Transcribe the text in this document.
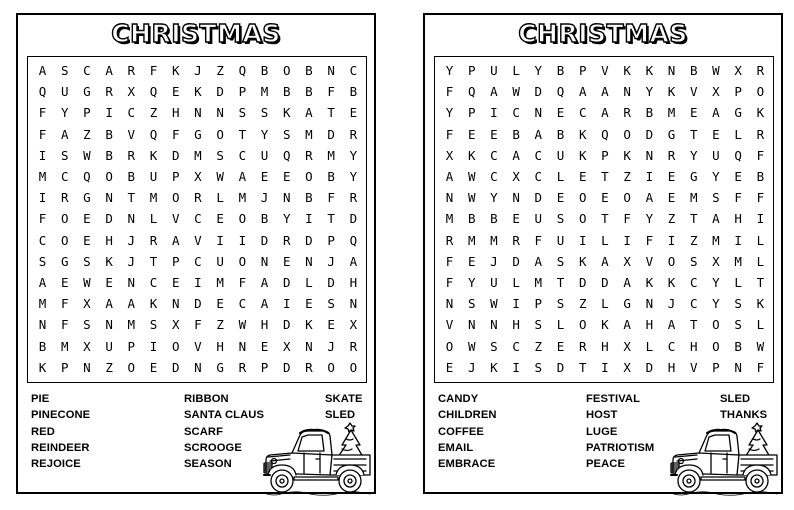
CHRISTMAS
A	S	C	A	R	F	K	J	Z	Q	B	O	B	N	C
Q	U	G	R	X	Q	E	K	D	P	M	B	B	F	B
F	Y	P	I	C	Z	H	N	N	S	S	K	A	T	E
F	A	Z	B	V	Q	F	G	O	T	Y	S	M	D	R
I	S	W	B	R	K	D	M	S	C	U	Q	R	M	Y
M	C	Q	O	B	U	P	X	W	A	E	E	O	B	Y
I	R	G	N	T	M	O	R	L	M	J	N	B	F	R
F	O	E	D	N	L	V	C	E	O	B	Y	I	T	D
C	O	E	H	J	R	A	V	I	I	D	R	D	P	Q
S	G	S	K	J	T	P	C	U	O	N	E	N	J	A
A	E	W	E	N	C	E	I	M	F	A	D	L	D	H
M	F	X	A	A	K	N	D	E	C	A	I	E	S	N
N	F	S	N	M	S	X	F	Z	W	H	D	K	E	X
B	M	X	U	P	I	O	V	H	N	E	X	N	J	R
K	P	N	Z	O	E	D	N	G	R	P	D	R	O	O
PIE
PINECONE
RED
REINDEER
REJOICE
RIBBON
SANTA CLAUS
SCARF
SCROOGE
SEASON
SKATE
SLED
CHRISTMAS
Y	P	U	L	Y	B	P	V	K	K	N	B	W	X	R
F	Q	A	W	D	Q	A	A	N	Y	K	V	X	P	O
Y	P	I	C	N	E	C	A	R	B	M	E	A	G	K
F	E	E	B	A	B	K	Q	O	D	G	T	E	L	R
X	K	C	A	C	U	K	P	K	N	R	Y	U	Q	F
A	W	C	X	C	L	E	T	Z	I	E	G	Y	E	B
N	W	Y	N	D	E	O	E	O	A	E	M	S	F	F
M	B	B	E	U	S	O	T	F	Y	Z	T	A	H	I
R	M	M	R	F	U	I	L	I	F	I	Z	M	I	L
F	E	J	D	A	S	K	A	X	V	O	S	X	M	L
F	Y	U	L	M	T	D	D	A	K	K	C	Y	L	T
N	S	W	I	P	S	Z	L	G	N	J	C	Y	S	K
V	N	N	H	S	L	O	K	A	H	A	T	O	S	L
O	W	S	C	Z	E	R	H	X	L	C	H	O	B	W
E	J	K	I	S	D	T	I	X	D	H	V	P	N	F
CANDY
CHILDREN
COFFEE
EMAIL
EMBRACE
FESTIVAL
HOST
LUGE
PATRIOTISM
PEACE
SLED
THANKS
